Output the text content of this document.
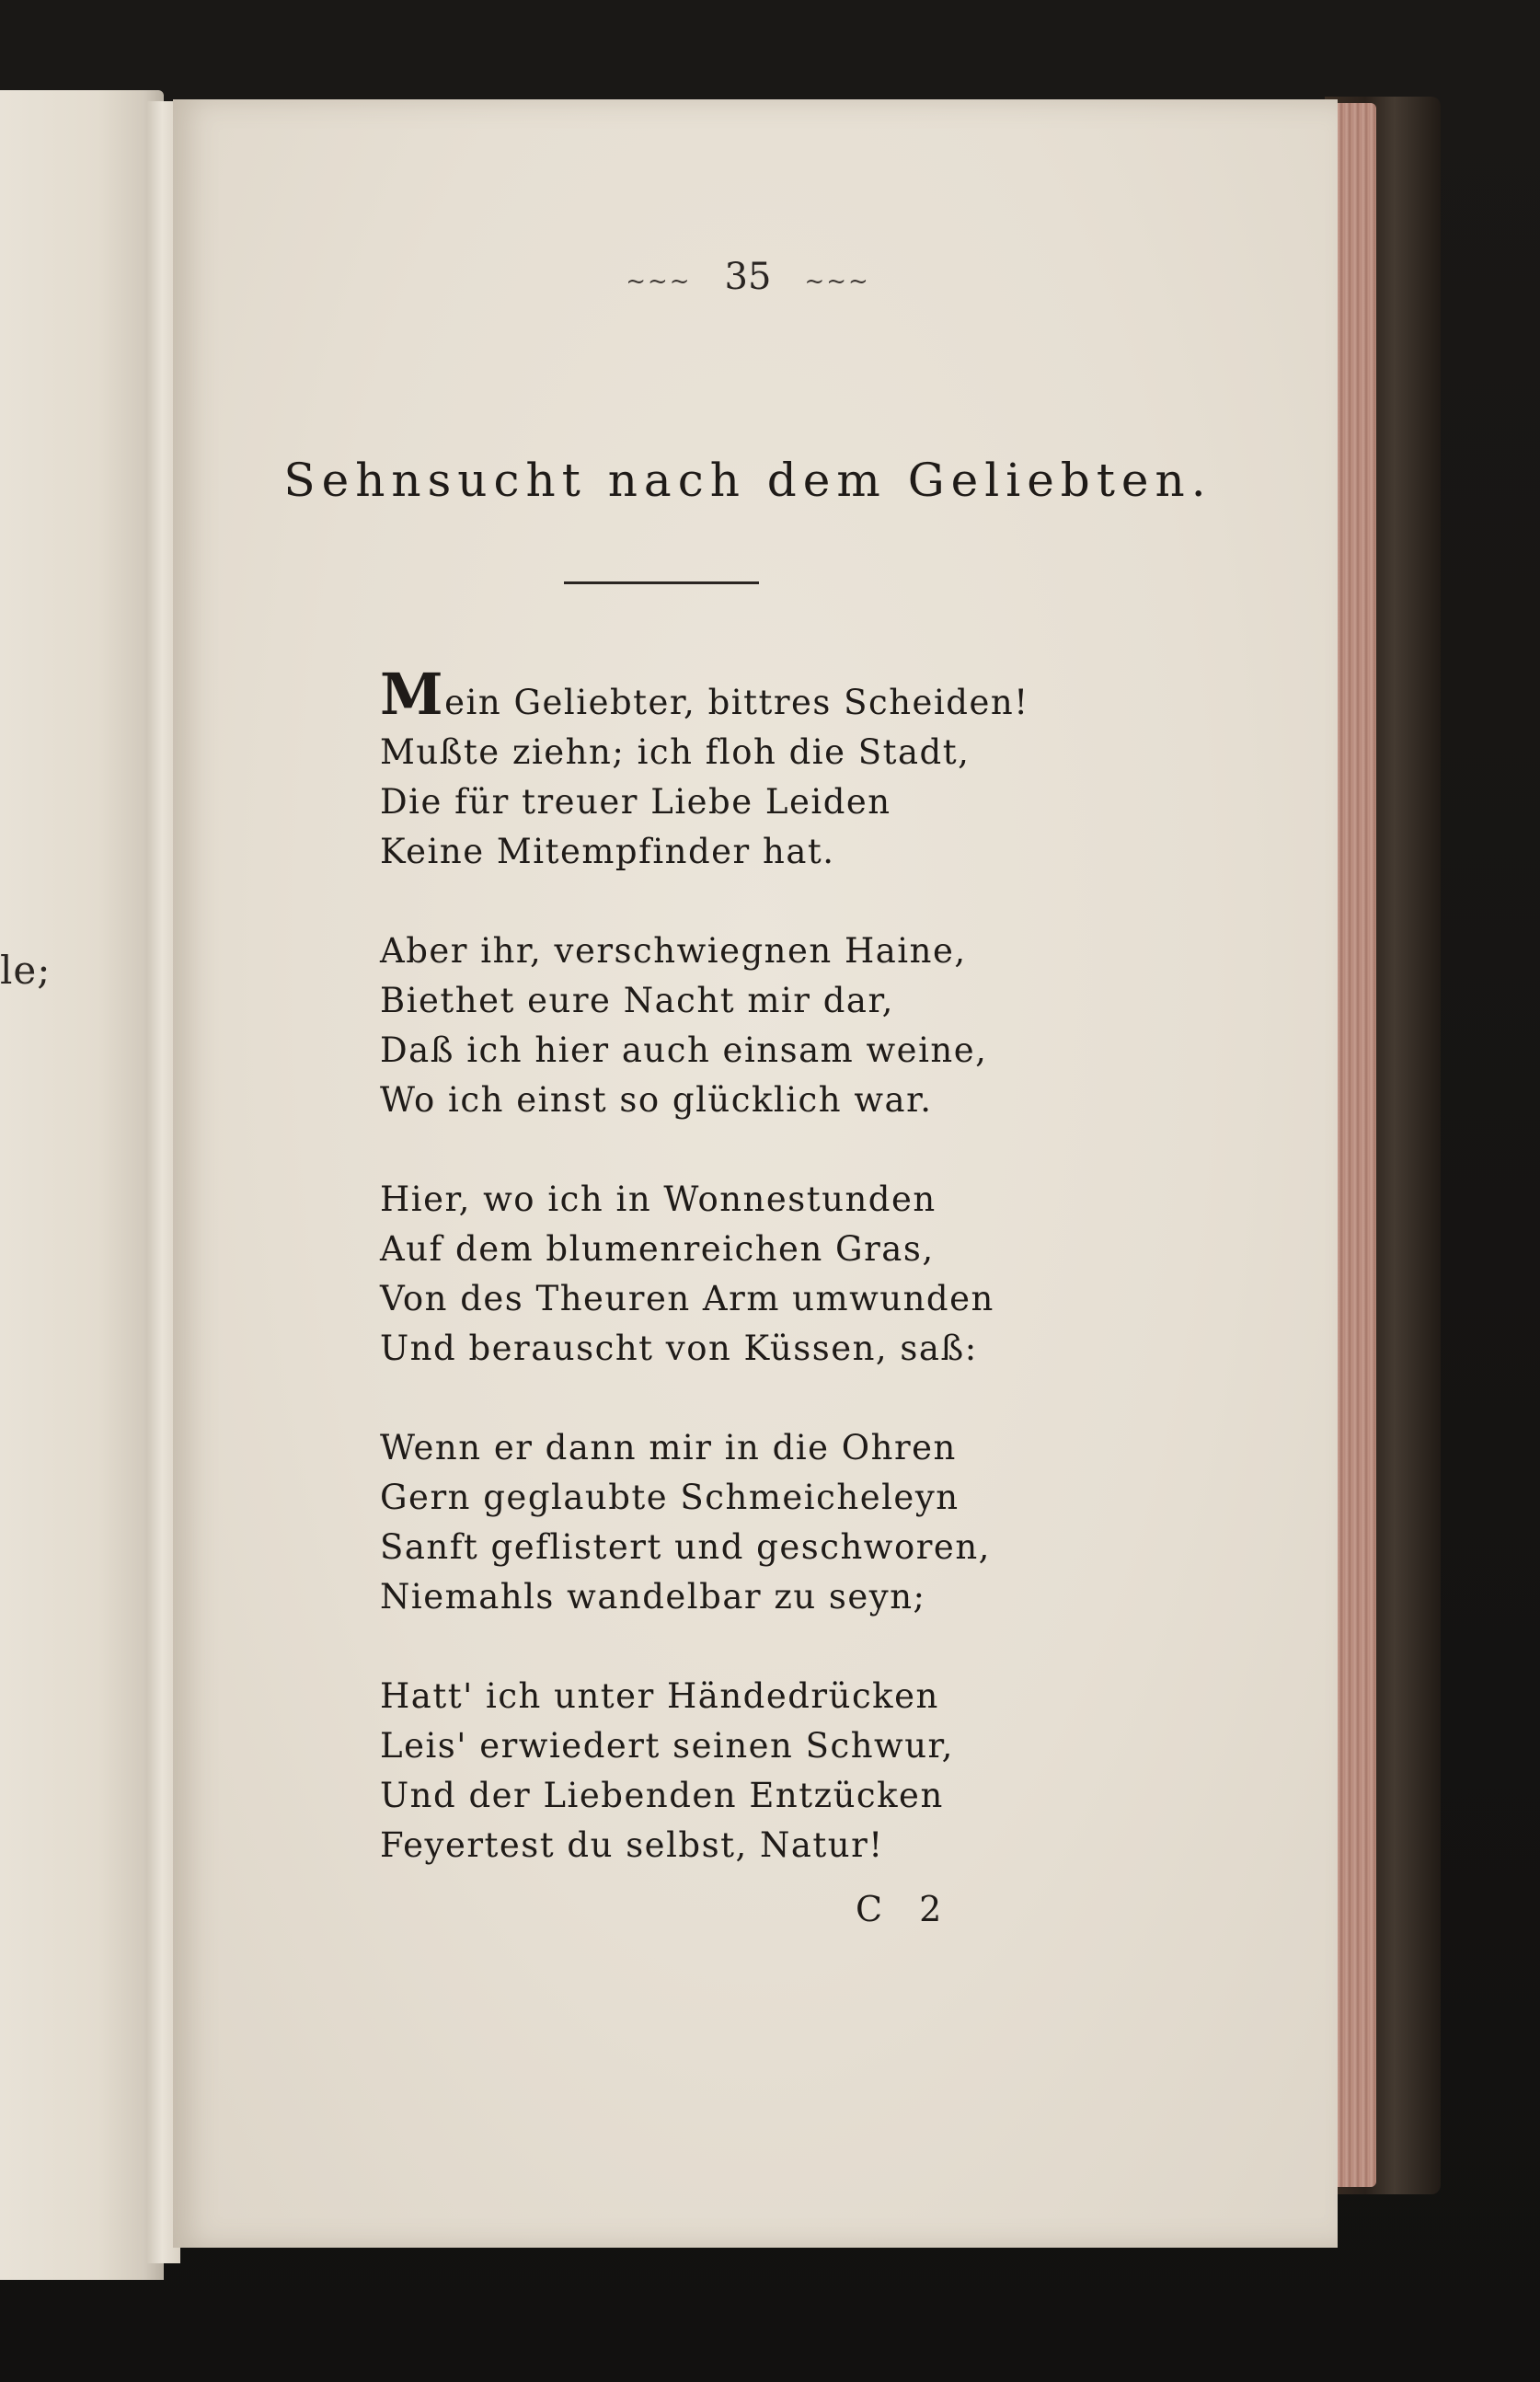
le;
~~~ 35 ~~~
Sehnsucht nach dem Geliebten.
Mein Geliebter, bittres Scheiden!
Mußte ziehn; ich floh die Stadt,
Die für treuer Liebe Leiden
Keine Mitempfinder hat.
Aber ihr, verschwiegnen Haine,
Biethet eure Nacht mir dar,
Daß ich hier auch einsam weine,
Wo ich einst so glücklich war.
Hier, wo ich in Wonnestunden
Auf dem blumenreichen Gras,
Von des Theuren Arm umwunden
Und berauscht von Küssen, saß:
Wenn er dann mir in die Ohren
Gern geglaubte Schmeicheleyn
Sanft geflistert und geschworen,
Niemahls wandelbar zu seyn;
Hatt' ich unter Händedrücken
Leis' erwiedert seinen Schwur,
Und der Liebenden Entzücken
Feyertest du selbst, Natur!
C 2
